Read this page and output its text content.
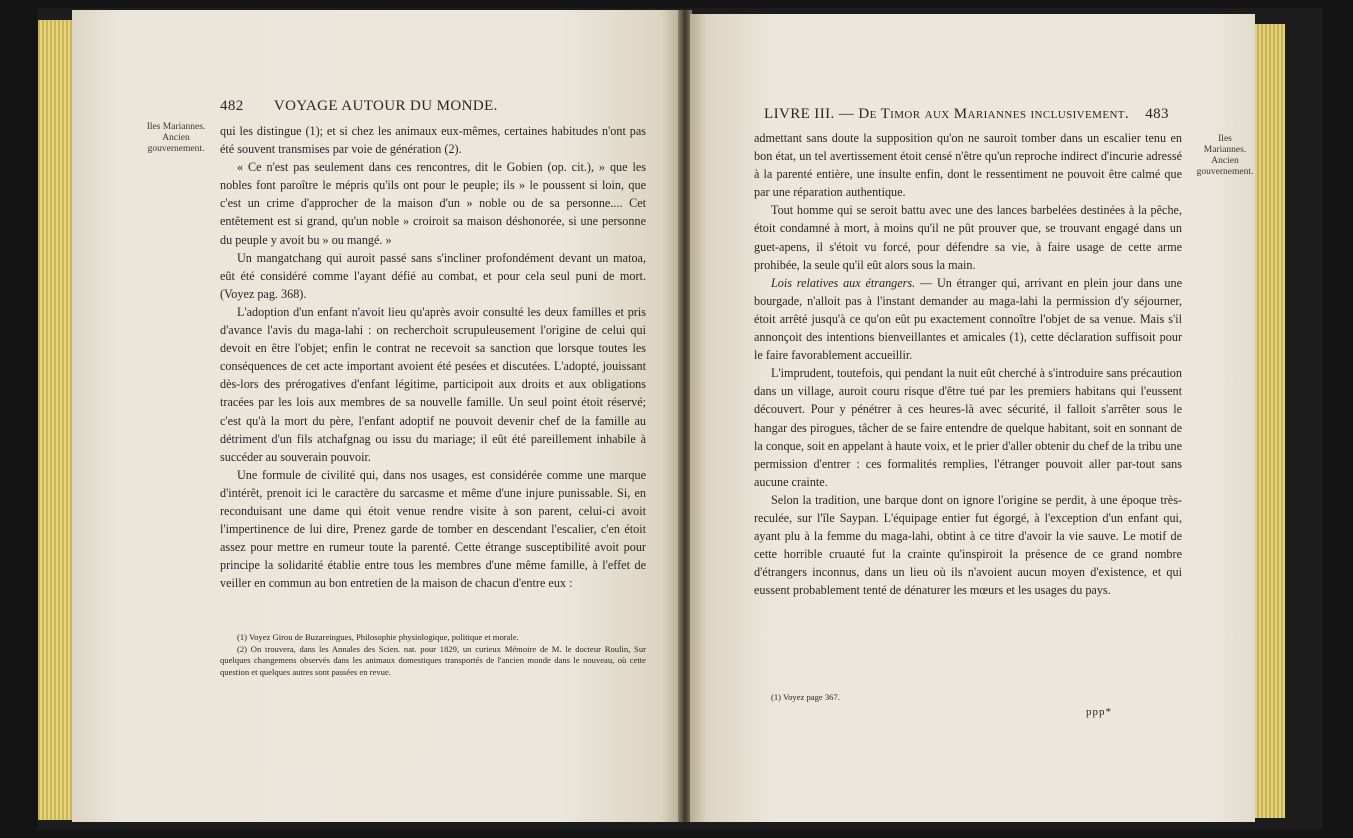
482 VOYAGE AUTOUR DU MONDE.
Iles Mariannes.
Ancien gouvernement.

qui les distingue (1); et si chez les animaux eux-mêmes, certaines habitudes n'ont pas été souvent transmises par voie de génération (2).

« Ce n'est pas seulement dans ces rencontres, dit le Gobien (op. cit.), » que les nobles font paroître le mépris qu'ils ont pour le peuple; ils » le poussent si loin, que c'est un crime d'approcher de la maison d'un » noble ou de sa personne.... Cet entêtement est si grand, qu'un noble » croiroit sa maison déshonorée, si une personne du peuple y avoit bu » ou mangé. »

Un mangatchang qui auroit passé sans s'incliner profondément devant un matoa, eût été considéré comme l'ayant défié au combat, et pour cela seul puni de mort. (Voyez pag. 368).

L'adoption d'un enfant n'avoit lieu qu'après avoir consulté les deux familles et pris d'avance l'avis du maga-lahi : on recherchoit scrupuleusement l'origine de celui qui devoit en être l'objet; enfin le contrat ne recevoit sa sanction que lorsque toutes les conséquences de cet acte important avoient été pesées et discutées. L'adopté, jouissant dès-lors des prérogatives d'enfant légitime, participoit aux droits et aux obligations tracées par les lois aux membres de sa nouvelle famille. Un seul point étoit réservé; c'est qu'à la mort du père, l'enfant adoptif ne pouvoit devenir chef de la famille au détriment d'un fils atchafgnag ou issu du mariage; il eût été pareillement inhabile à succéder au souverain pouvoir.

Une formule de civilité qui, dans nos usages, est considérée comme une marque d'intérêt, prenoit ici le caractère du sarcasme et même d'une injure punissable. Si, en reconduisant une dame qui étoit venue rendre visite à son parent, celui-ci avoit l'impertinence de lui dire, Prenez garde de tomber en descendant l'escalier, c'en étoit assez pour mettre en rumeur toute la parenté. Cette étrange susceptibilité avoit pour principe la solidarité établie entre tous les membres d'une même famille, à l'effet de veiller en commun au bon entretien de la maison de chacun d'entre eux :

(1) Voyez Girou de Buzareingues, Philosophie physiologique, politique et morale.

(2) On trouvera, dans les Annales des Scien. nat. pour 1829, un curieux Mémoire de M. le docteur Roulin, Sur quelques changemens observés dans les animaux domestiques transportés de l'ancien monde dans le nouveau, où cette question et quelques autres sont passées en revue.

LIVRE III. — De Timor aux Mariannes inclusivement. 483
Iles Mariannes.
Ancien gouvernement.

admettant sans doute la supposition qu'on ne sauroit tomber dans un escalier tenu en bon état, un tel avertissement étoit censé n'être qu'un reproche indirect d'incurie adressé à la parenté entière, une insulte enfin, dont le ressentiment ne pouvoit être calmé que par une réparation authentique.

Tout homme qui se seroit battu avec une des lances barbelées destinées à la pêche, étoit condamné à mort, à moins qu'il ne pût prouver que, se trouvant engagé dans un guet-apens, il s'étoit vu forcé, pour défendre sa vie, à faire usage de cette arme prohibée, la seule qu'il eût alors sous la main.

Lois relatives aux étrangers. — Un étranger qui, arrivant en plein jour dans une bourgade, n'alloit pas à l'instant demander au maga-lahi la permission d'y séjourner, étoit arrêté jusqu'à ce qu'on eût pu exactement connoître l'objet de sa venue. Mais s'il annonçoit des intentions bienveillantes et amicales (1), cette déclaration suffisoit pour le faire favorablement accueillir.

L'imprudent, toutefois, qui pendant la nuit eût cherché à s'introduire sans précaution dans un village, auroit couru risque d'être tué par les premiers habitans qui l'eussent découvert. Pour y pénétrer à ces heures-là avec sécurité, il falloit s'arrêter sous le hangar des pirogues, tâcher de se faire entendre de quelque habitant, soit en sonnant de la conque, soit en appelant à haute voix, et le prier d'aller obtenir du chef de la tribu une permission d'entrer : ces formalités remplies, l'étranger pouvoit aller par-tout sans aucune crainte.

Selon la tradition, une barque dont on ignore l'origine se perdit, à une époque très-reculée, sur l'île Saypan. L'équipage entier fut égorgé, à l'exception d'un enfant qui, ayant plu à la femme du maga-lahi, obtint à ce titre d'avoir la vie sauve. Le motif de cette horrible cruauté fut la crainte qu'inspiroit la présence de ce grand nombre d'étrangers inconnus, dans un lieu où ils n'avoient aucun moyen d'existence, et qui eussent probablement tenté de dénaturer les mœurs et les usages du pays.

(1) Voyez page 367.

ppp*
